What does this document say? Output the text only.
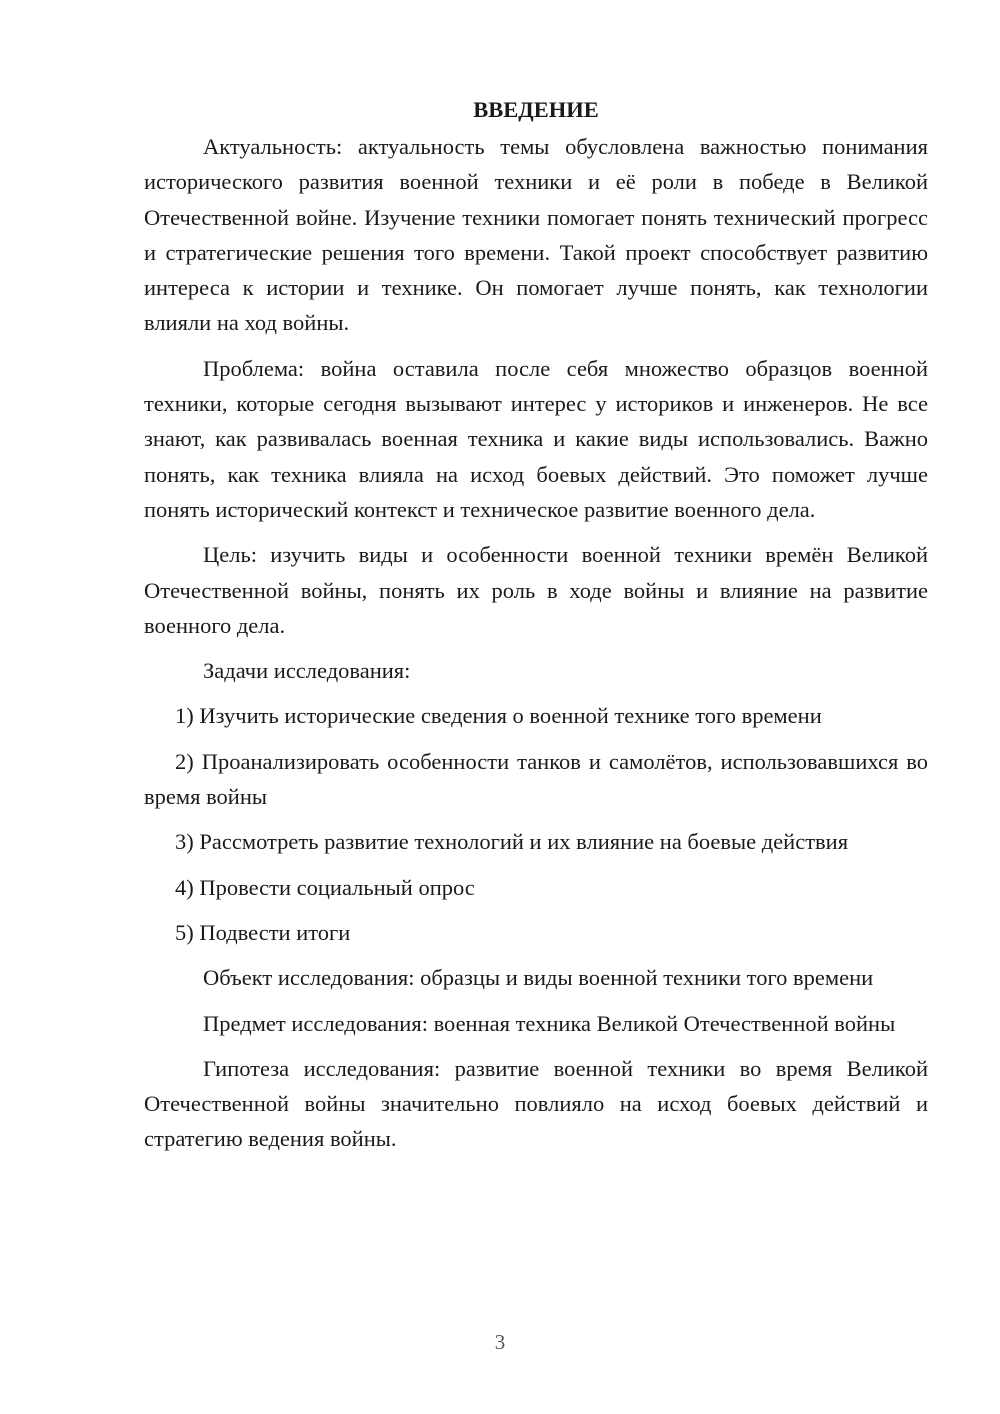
ВВЕДЕНИЕ

Актуальность: актуальность темы обусловлена важностью понимания исторического развития военной техники и её роли в победе в Великой Отечественной войне. Изучение техники помогает понять технический прогресс и стратегические решения того времени. Такой проект способствует развитию интереса к истории и технике. Он помогает лучше понять, как технологии влияли на ход войны.

Проблема: война оставила после себя множество образцов военной техники, которые сегодня вызывают интерес у историков и инженеров. Не все знают, как развивалась военная техника и какие виды использовались. Важно понять, как техника влияла на исход боевых действий. Это поможет лучше понять исторический контекст и техническое развитие военного дела.

Цель: изучить виды и особенности военной техники времён Великой Отечественной войны, понять их роль в ходе войны и влияние на развитие военного дела.

Задачи исследования:

1) Изучить исторические сведения о военной технике того времени

2) Проанализировать особенности танков и самолётов, использовавшихся во время войны

3) Рассмотреть развитие технологий и их влияние на боевые действия

4) Провести социальный опрос

5) Подвести итоги

Объект исследования: образцы и виды военной техники того времени

Предмет исследования: военная техника Великой Отечественной войны

Гипотеза исследования: развитие военной техники во время Великой Отечественной войны значительно повлияло на исход боевых действий и стратегию ведения войны.

3
